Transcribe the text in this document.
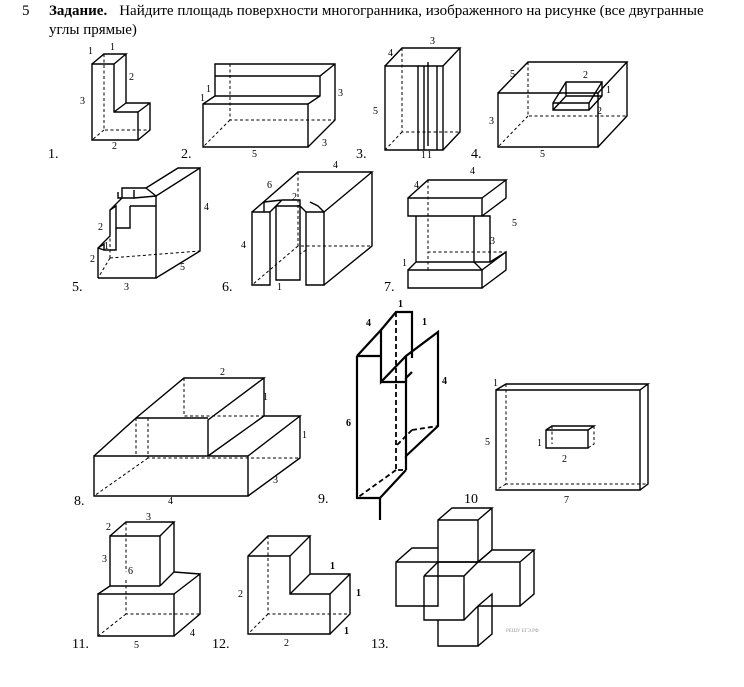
5 Задание. Найдите площадь поверхности многогранника, изображенного на рисунке (все двугранные углы прямые)
1 1
3
2
2
1.
1
1	3
5
3
2.
3
4
5
1 1
3.
5	2
1
2
3
5
4.
2
1
2
4
5
3
5.
6
4
2
4
1
6.
4
4
5
3
1
7.
2
1
1
3
4
8.
1
4	1
4
6
9.
1
5	1
2
7
10
3
2
3
6
4
5
11.
1
2	1
1
2
12.
РЕШУ ЕГЭ.РФ
13.
